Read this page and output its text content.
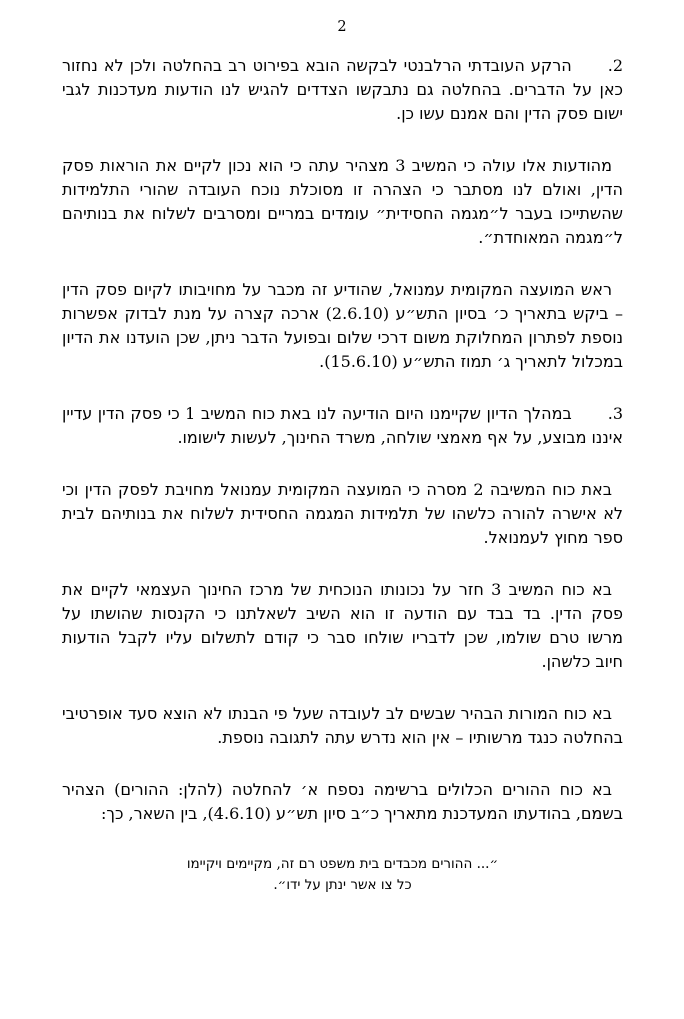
2

2.הרקע העובדתי הרלבנטי לבקשה הובא בפירוט רב בהחלטה ולכן לא נחזור כאן על הדברים. בהחלטה גם נתבקשו הצדדים להגיש לנו הודעות מעדכנות לגבי ישום פסק הדין והם אמנם עשו כן.

מהודעות אלו עולה כי המשיב 3 מצהיר עתה כי הוא נכון לקיים את הוראות פסק הדין, ואולם לנו מסתבר כי הצהרה זו מסוכלת נוכח העובדה שהורי התלמידות שהשתייכו בעבר ל״מגמה החסידית״ עומדים במריים ומסרבים לשלוח את בנותיהם ל״מגמה המאוחדת״.

ראש המועצה המקומית עמנואל, שהודיע זה מכבר על מחויבותו לקיום פסק הדין – ביקש בתאריך כ׳ בסיון התש״ע (2.6.10) ארכה קצרה על מנת לבדוק אפשרות נוספת לפתרון המחלוקת משום דרכי שלום ובפועל הדבר ניתן, שכן הועדנו את הדיון במכלול לתאריך ג׳ תמוז התש״ע (15.6.10).

3.במהלך הדיון שקיימנו היום הודיעה לנו באת כוח המשיב 1 כי פסק הדין עדיין איננו מבוצע, על אף מאמצי שולחה, משרד החינוך, לעשות לישומו.

באת כוח המשיבה 2 מסרה כי המועצה המקומית עמנואל מחויבת לפסק הדין וכי לא אישרה להורה כלשהו של תלמידות המגמה החסידית לשלוח את בנותיהם לבית ספר מחוץ לעמנואל.

בא כוח המשיב 3 חזר על נכונותו הנוכחית של מרכז החינוך העצמאי לקיים את פסק הדין. בד בבד עם הודעה זו הוא השיב לשאלתנו כי הקנסות שהושתו על מרשו טרם שולמו, שכן לדבריו שולחו סבר כי קודם לתשלום עליו לקבל הודעות חיוב כלשהן.

בא כוח המורות הבהיר שבשים לב לעובדה שעל פי הבנתו לא הוצא סעד אופרטיבי בהחלטה כנגד מרשותיו – אין הוא נדרש עתה לתגובה נוספת.

בא כוח ההורים הכלולים ברשימה נספח א׳ להחלטה (להלן: ההורים) הצהיר בשמם, בהודעתו המעדכנת מתאריך כ״ב סיון תש״ע (4.6.10), בין השאר, כך:

״... ההורים מכבדים בית משפט רם זה, מקיימים ויקיימו
כל צו אשר ינתן על ידו״.
